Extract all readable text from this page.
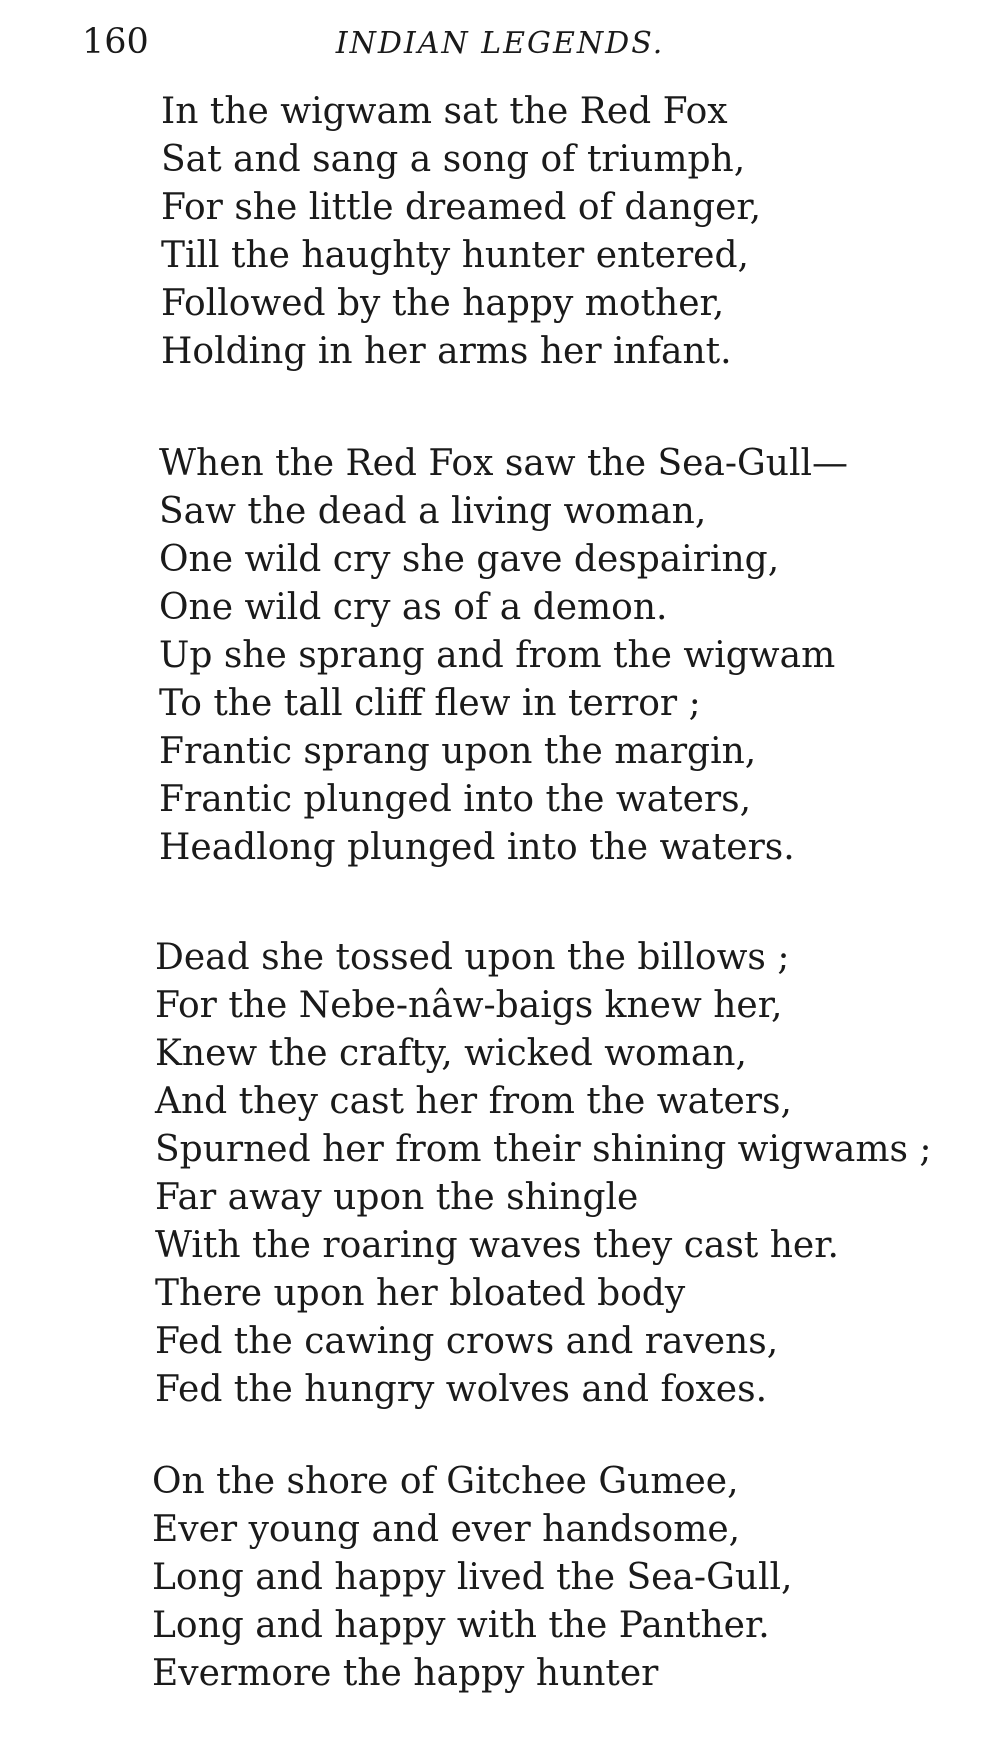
160	INDIAN LEGENDS.
In the wigwam sat the Red Fox
Sat and sang a song of triumph,
For she little dreamed of danger,
Till the haughty hunter entered,
Followed by the happy mother,
Holding in her arms her infant.
When the Red Fox saw the Sea-Gull—
Saw the dead a living woman,
One wild cry she gave despairing,
One wild cry as of a demon.
Up she sprang and from the wigwam
To the tall cliff flew in terror ;
Frantic sprang upon the margin,
Frantic plunged into the waters,
Headlong plunged into the waters.
Dead she tossed upon the billows ;
For the Nebe-nâw-baigs knew her,
Knew the crafty, wicked woman,
And they cast her from the waters,
Spurned her from their shining wigwams ;
Far away upon the shingle
With the roaring waves they cast her.
There upon her bloated body
Fed the cawing crows and ravens,
Fed the hungry wolves and foxes.
On the shore of Gitchee Gumee,
Ever young and ever handsome,
Long and happy lived the Sea-Gull,
Long and happy with the Panther.
Evermore the happy hunter
